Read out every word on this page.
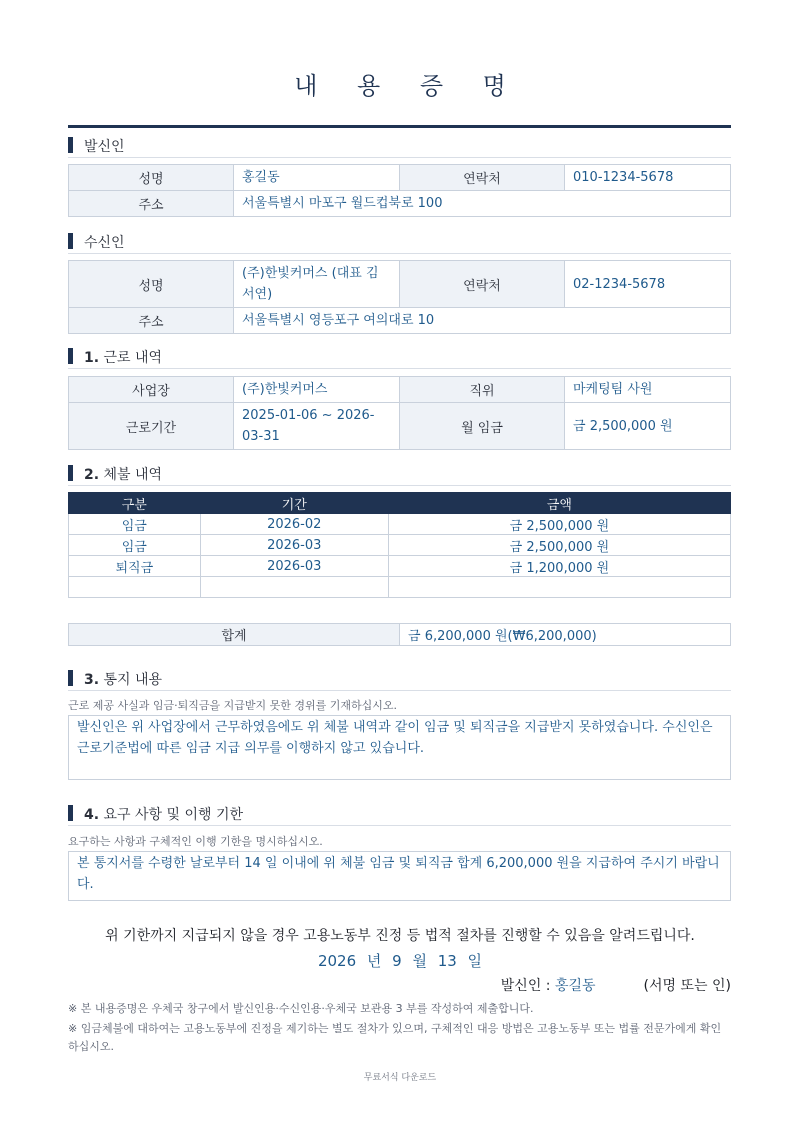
내 용 증 명
발신인
성명	홍길동	연락처	010-1234-5678
주소	서울특별시 마포구 월드컵북로 100		
수신인
성명	(주)한빛커머스 (대표 김서연)	연락처	02-1234-5678
주소	서울특별시 영등포구 여의대로 10		
1. 근로 내역
사업장	(주)한빛커머스	직위	마케팅팀 사원
근로기간	2025-01-06 ~ 2026-03-31	월 임금	금 2,500,000 원
2. 체불 내역
구분	기간	금액
임금	2026-02	금 2,500,000 원
임금	2026-03	금 2,500,000 원
퇴직금	2026-03	금 1,200,000 원

합계	금 6,200,000 원(₩6,200,000)
3. 통지 내용
근로 제공 사실과 임금·퇴직금을 지급받지 못한 경위를 기재하십시오.
발신인은 위 사업장에서 근무하였음에도 위 체불 내역과 같이 임금 및 퇴직금을 지급받지 못하였습니다. 수신인은 근로기준법에 따른 임금 지급 의무를 이행하지 않고 있습니다.
4. 요구 사항 및 이행 기한
요구하는 사항과 구체적인 이행 기한을 명시하십시오.
본 통지서를 수령한 날로부터 14 일 이내에 위 체불 임금 및 퇴직금 합계 6,200,000 원을 지급하여 주시기 바랍니다.
위 기한까지 지급되지 않을 경우 고용노동부 진정 등 법적 절차를 진행할 수 있음을 알려드립니다.
2026 년 9 월 13 일
발신인 : 홍길동	(서명 또는 인)
※ 본 내용증명은 우체국 창구에서 발신인용·수신인용·우체국 보관용 3 부를 작성하여 제출합니다.
※ 임금체불에 대하여는 고용노동부에 진정을 제기하는 별도 절차가 있으며, 구체적인 대응 방법은 고용노동부 또는 법률 전문가에게 확인하십시오.
무료서식 다운로드
